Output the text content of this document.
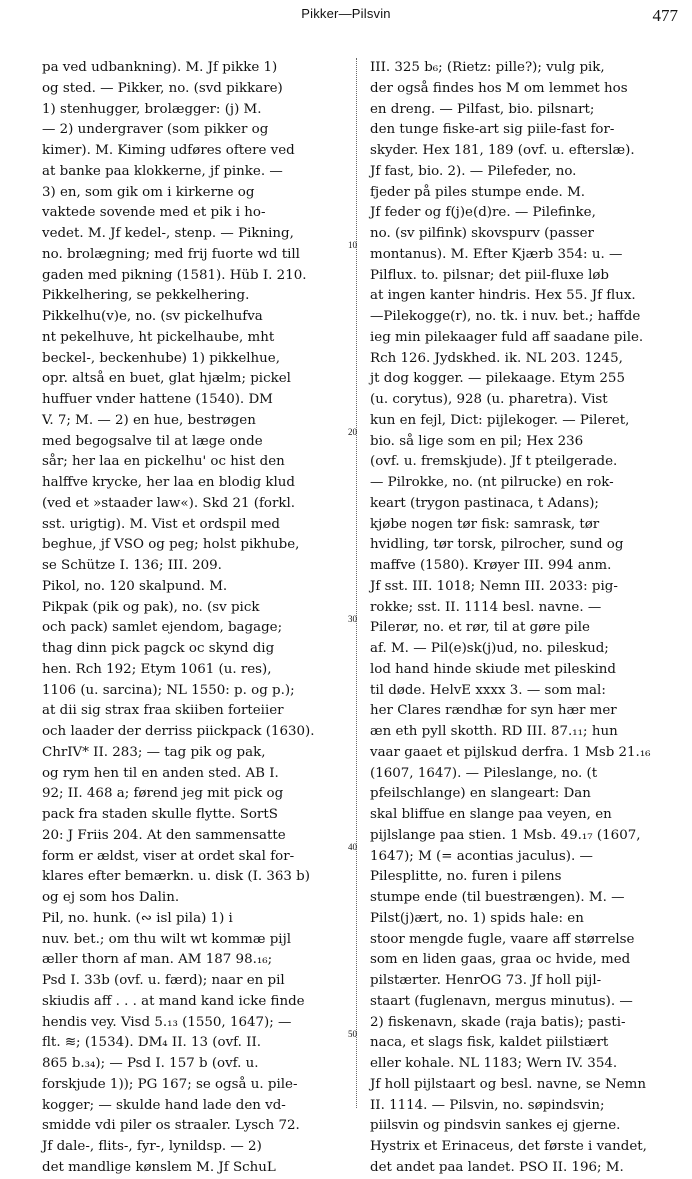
Pikker—Pilsvin	477
pa ved udbankning). M. Jf pikke 1)
og sted. — Pikker, no. (svd pikkare)
1) stenhugger, brolægger: (j) M.
— 2) undergraver (som pikker og
kimer). M. Kiming udføres oftere ved
at banke paa klokkerne, jf pinke. —
3) en, som gik om i kirkerne og
vaktede sovende med et pik i ho-
vedet. M. Jf kedel-, stenp. — Pikning,
no. brolægning; med frij fuorte wd till
gaden med pikning (1581). Hüb I. 210.
Pikkelhering, se pekkelhering.
Pikkelhu(v)e, no. (sv pickelhufva
nt pekelhuve, ht pickelhaube, mht
beckel-, beckenhube) 1) pikkelhue,
opr. altså en buet, glat hjælm; pickel
huffuer vnder hattene (1540). DM
V. 7; M. — 2) en hue, bestrøgen
med begogsalve til at læge onde
sår; her laa en pickelhu' oc hist den
halffve krycke, her laa en blodig klud
(ved et »staader law«). Skd 21 (forkl.
sst. urigtig). M. Vist et ordspil med
beghue, jf VSO og peg; holst pikhube,
se Schütze I. 136; III. 209.
Pikol, no. 120 skalpund. M.
Pikpak (pik og pak), no. (sv pick
och pack) samlet ejendom, bagage;
thag dinn pick pagck oc skynd dig
hen. Rch 192; Etym 1061 (u. res),
1106 (u. sarcina); NL 1550: p. og p.);
at dii sig strax fraa skiiben forteiier
och laader der derriss piickpack (1630).
ChrIV* II. 283; — tag pik og pak,
og rym hen til en anden sted. AB I.
92; II. 468 a; førend jeg mit pick og
pack fra staden skulle flytte. SortS
20: J Friis 204. At den sammensatte
form er ældst, viser at ordet skal for-
klares efter bemærkn. u. disk (I. 363 b)
og ej som hos Dalin.
Pil, no. hunk. (∾ isl pila) 1) i
nuv. bet.; om thu wilt wt kommæ pijl
æller thorn af man. AM 187 98.₁₆;
Psd I. 33b (ovf. u. færd); naar en pil
skiudis aff . . . at mand kand icke finde
hendis vey. Visd 5.₁₃ (1550, 1647); —
flt. ≋; (1534). DM₄ II. 13 (ovf. II.
865 b.₃₄); — Psd I. 157 b (ovf. u.
forskjude 1)); PG 167; se også u. pile-
kogger; — skulde hand lade den vd-
smidde vdi piler os straaler. Lysch 72.
Jf dale-, flits-, fyr-, lynildsp. — 2)
det mandlige kønslem M. Jf SchuL
10
20
30
40
50
III. 325 b₆; (Rietz: pille?); vulg pik,
der også findes hos M om lemmet hos
en dreng. — Pilfast, bio. pilsnart;
den tunge fiske-art sig piile-fast for-
skyder. Hex 181, 189 (ovf. u. efterslæ).
Jf fast, bio. 2). — Pilefeder, no.
fjeder på piles stumpe ende. M.
Jf feder og f(j)e(d)re. — Pilefinke,
no. (sv pilfink) skovspurv (passer
montanus). M. Efter Kjærb 354: u. —
Pilflux. to. pilsnar; det piil-fluxe løb
at ingen kanter hindris. Hex 55. Jf flux.
—Pilekogge(r), no. tk. i nuv. bet.; haffde
ieg min pilekaager fuld aff saadane pile.
Rch 126. Jydskhed. ik. NL 203. 1245,
jt dog kogger. — pilekaage. Etym 255
(u. corytus), 928 (u. pharetra). Vist
kun en fejl, Dict: pijlekoger. — Pileret,
bio. så lige som en pil; Hex 236
(ovf. u. fremskjude). Jf t pteilgerade.
— Pilrokke, no. (nt pilrucke) en rok-
keart (trygon pastinaca, t Adans);
kjøbe nogen tør fisk: samrask, tør
hvidling, tør torsk, pilrocher, sund og
maffve (1580). Krøyer III. 994 anm.
Jf sst. III. 1018; Nemn III. 2033: pig-
rokke; sst. II. 1114 besl. navne. —
Pilerør, no. et rør, til at gøre pile
af. M. — Pil(e)sk(j)ud, no. pileskud;
lod hand hinde skiude met pileskind
til døde. HelvE xxxx 3. — som mal:
her Clares rændhæ for syn hær mer
æn eth pyll skotth. RD III. 87.₁₁; hun
vaar gaaet et pijlskud derfra. 1 Msb 21.₁₆
(1607, 1647). — Pileslange, no. (t
pfeilschlange) en slangeart: Dan
skal bliffue en slange paa veyen, en
pijlslange paa stien. 1 Msb. 49.₁₇ (1607,
1647); M (= acontias jaculus). —
Pilesplitte, no. furen i pilens
stumpe ende (til buestrængen). M. —
Pilst(j)ært, no. 1) spids hale: en
stoor mengde fugle, vaare aff størrelse
som en liden gaas, graa oc hvide, med
pilstærter. HenrOG 73. Jf holl pijl-
staart (fuglenavn, mergus minutus). —
2) fiskenavn, skade (raja batis); pasti-
naca, et slags fisk, kaldet piilstiært
eller kohale. NL 1183; Wern IV. 354.
Jf holl pijlstaart og besl. navne, se Nemn
II. 1114. — Pilsvin, no. søpindsvin;
piilsvin og pindsvin sankes ej gjerne.
Hystrix et Erinaceus, det første i vandet,
det andet paa landet. PSO II. 196; M.
